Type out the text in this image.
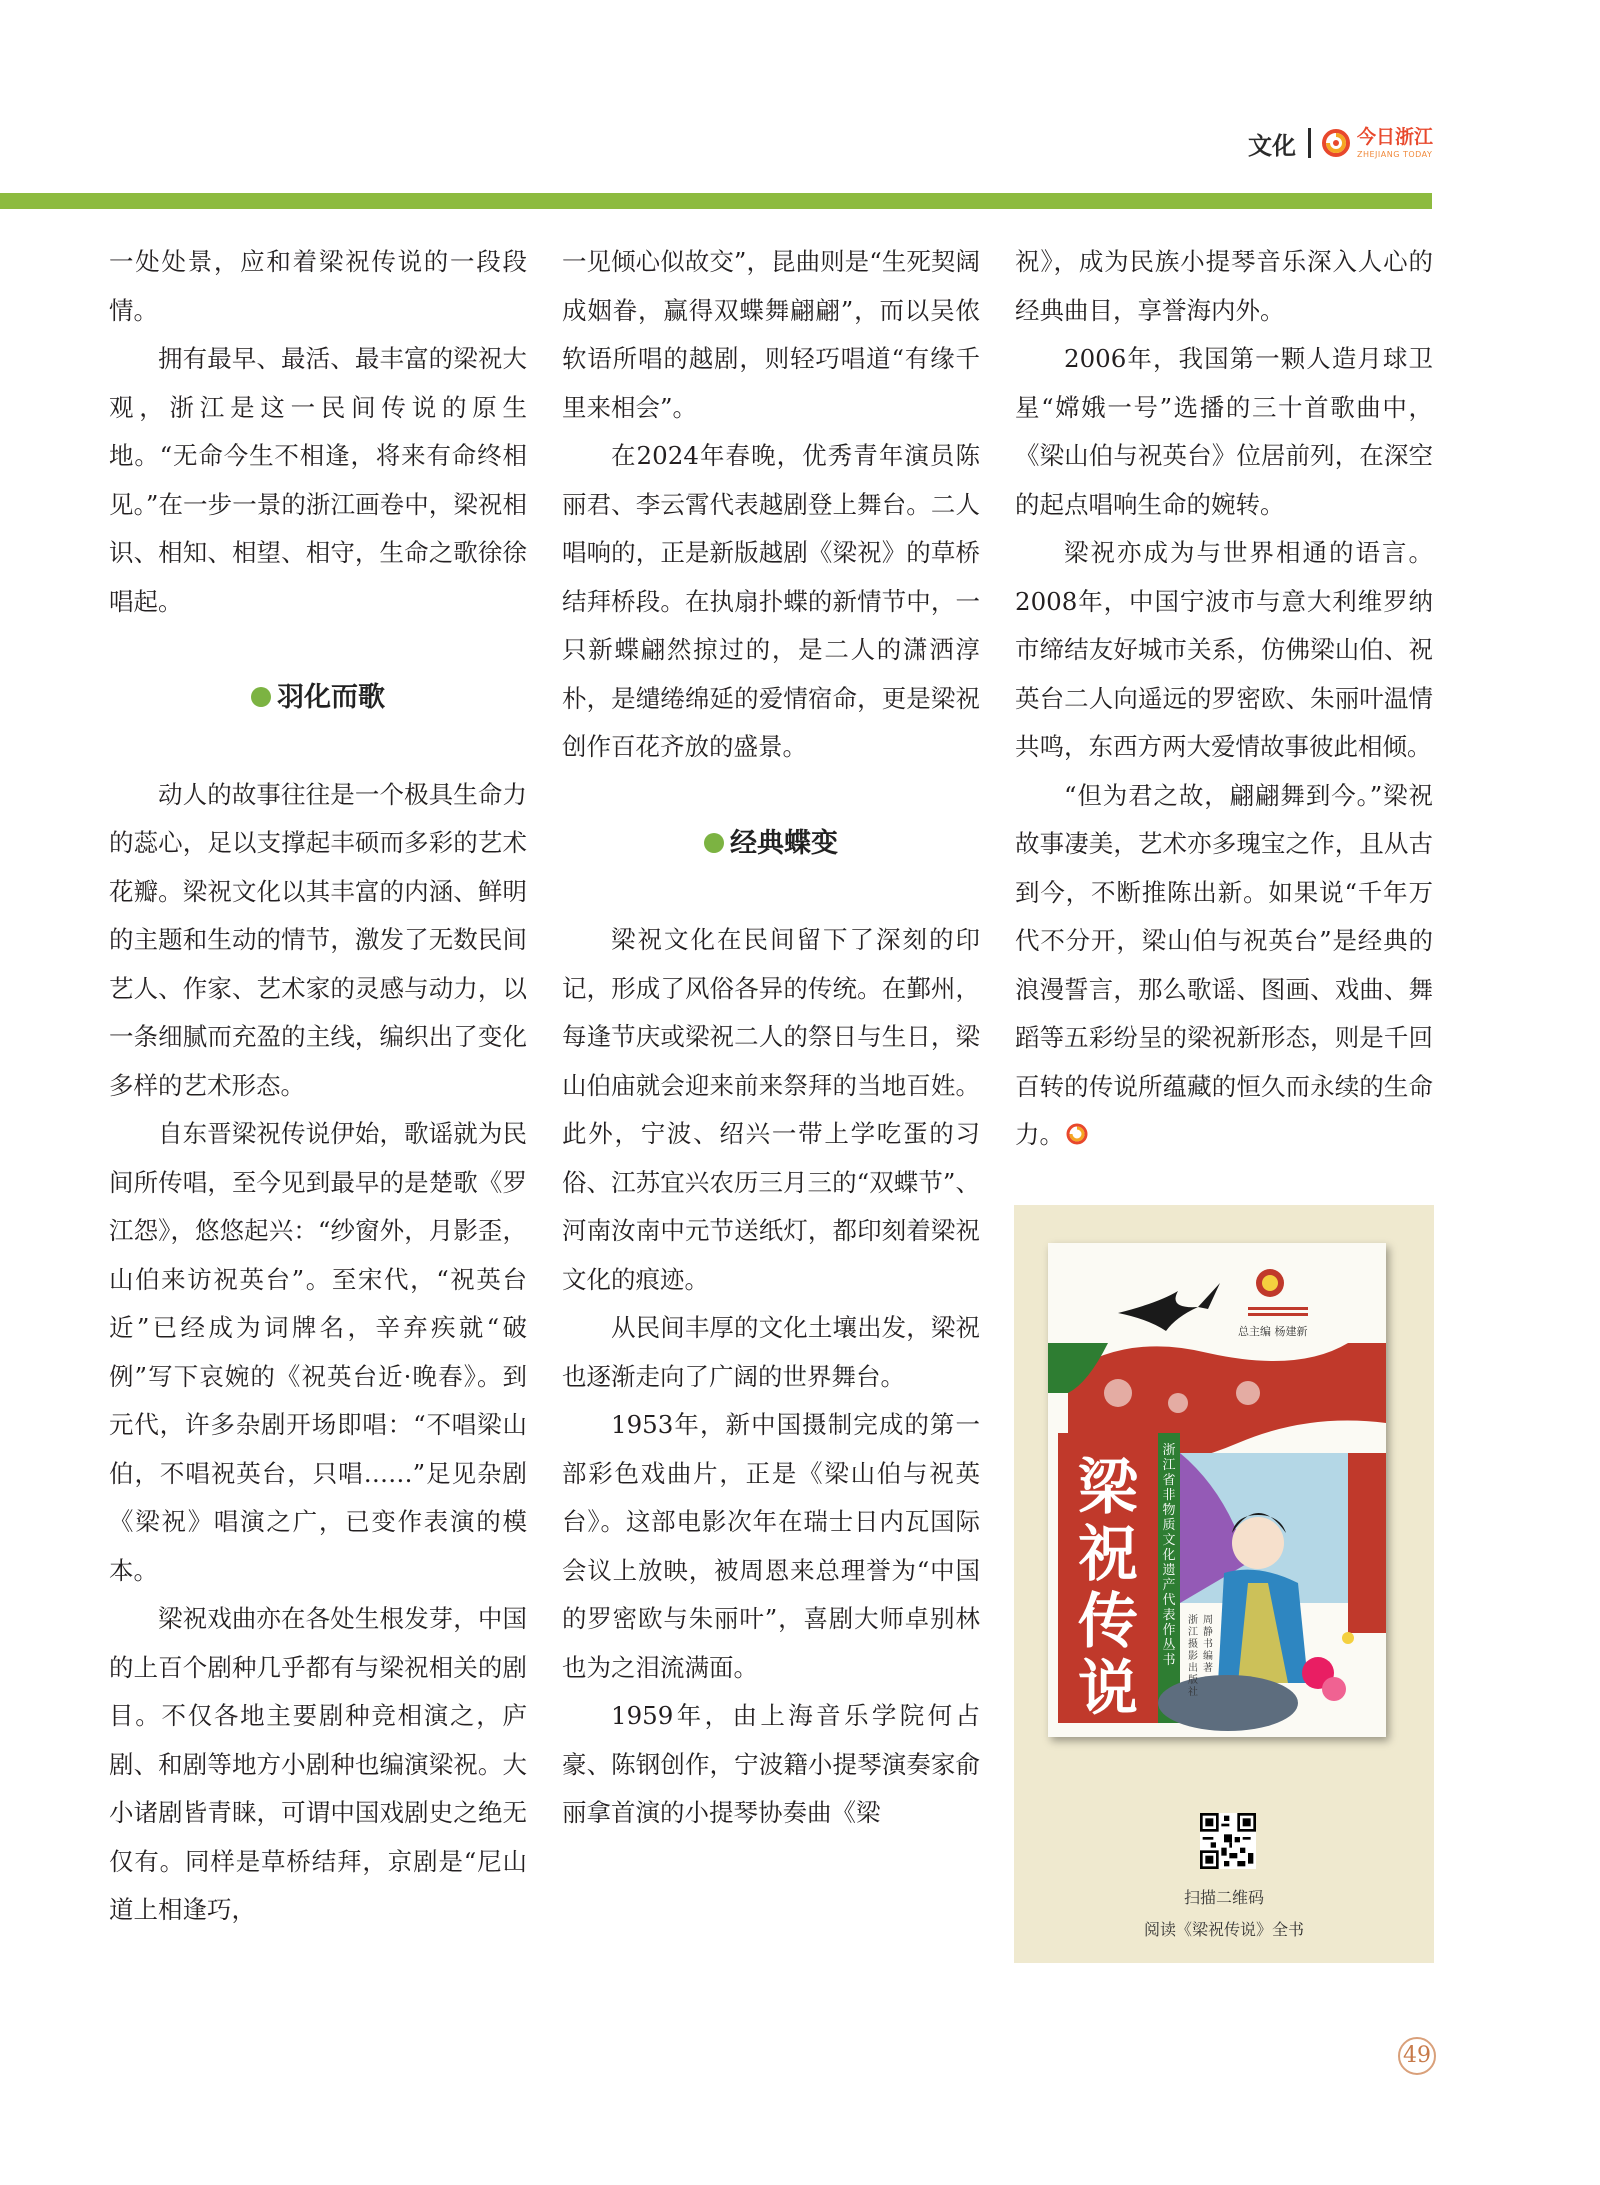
文化	今日浙江
ZHEJIANG TODAY

一处处景，应和着梁祝传说的一段段情。

拥有最早、最活、最丰富的梁祝大观，浙江是这一民间传说的原生地。“无命今生不相逢，将来有命终相见。”在一步一景的浙江画卷中，梁祝相识、相知、相望、相守，生命之歌徐徐唱起。

羽化而歌

动人的故事往往是一个极具生命力的蕊心，足以支撑起丰硕而多彩的艺术花瓣。梁祝文化以其丰富的内涵、鲜明的主题和生动的情节，激发了无数民间艺人、作家、艺术家的灵感与动力，以一条细腻而充盈的主线，编织出了变化多样的艺术形态。

自东晋梁祝传说伊始，歌谣就为民间所传唱，至今见到最早的是楚歌《罗江怨》，悠悠起兴：“纱窗外，月影歪，山伯来访祝英台”。至宋代，“祝英台近”已经成为词牌名，辛弃疾就“破例”写下哀婉的《祝英台近·晚春》。到元代，许多杂剧开场即唱：“不唱梁山伯，不唱祝英台，只唱……”足见杂剧《梁祝》唱演之广，已变作表演的模本。

梁祝戏曲亦在各处生根发芽，中国的上百个剧种几乎都有与梁祝相关的剧目。不仅各地主要剧种竞相演之，庐剧、和剧等地方小剧种也编演梁祝。大小诸剧皆青睐，可谓中国戏剧史之绝无仅有。同样是草桥结拜，京剧是“尼山道上相逢巧，

一见倾心似故交”，昆曲则是“生死契阔成姻眷，赢得双蝶舞翩翩”，而以吴侬软语所唱的越剧，则轻巧唱道“有缘千里来相会”。

在2024年春晚，优秀青年演员陈丽君、李云霄代表越剧登上舞台。二人唱响的，正是新版越剧《梁祝》的草桥结拜桥段。在执扇扑蝶的新情节中，一只新蝶翩然掠过的，是二人的潇洒淳朴，是缱绻绵延的爱情宿命，更是梁祝创作百花齐放的盛景。

经典蝶变

梁祝文化在民间留下了深刻的印记，形成了风俗各异的传统。在鄞州，每逢节庆或梁祝二人的祭日与生日，梁山伯庙就会迎来前来祭拜的当地百姓。此外，宁波、绍兴一带上学吃蛋的习俗、江苏宜兴农历三月三的“双蝶节”、河南汝南中元节送纸灯，都印刻着梁祝文化的痕迹。

从民间丰厚的文化土壤出发，梁祝也逐渐走向了广阔的世界舞台。

1953年，新中国摄制完成的第一部彩色戏曲片，正是《梁山伯与祝英台》。这部电影次年在瑞士日内瓦国际会议上放映，被周恩来总理誉为“中国的罗密欧与朱丽叶”，喜剧大师卓别林也为之泪流满面。

1959年，由上海音乐学院何占豪、陈钢创作，宁波籍小提琴演奏家俞丽拿首演的小提琴协奏曲《梁

祝》，成为民族小提琴音乐深入人心的经典曲目，享誉海内外。

2006年，我国第一颗人造月球卫星“嫦娥一号”选播的三十首歌曲中，《梁山伯与祝英台》位居前列，在深空的起点唱响生命的婉转。

梁祝亦成为与世界相通的语言。2008年，中国宁波市与意大利维罗纳市缔结友好城市关系，仿佛梁山伯、祝英台二人向遥远的罗密欧、朱丽叶温情共鸣，东西方两大爱情故事彼此相倾。

“但为君之故，翩翩舞到今。”梁祝故事凄美，艺术亦多瑰宝之作，且从古到今，不断推陈出新。如果说“千年万代不分开，梁山伯与祝英台”是经典的浪漫誓言，那么歌谣、图画、戏曲、舞蹈等五彩纷呈的梁祝新形态，则是千回百转的传说所蕴藏的恒久而永续的生命力。

梁
祝
传
说
浙江省非物质文化遗产代表作丛书
总主编 杨建新
周静书 编著
浙江摄影出版社
扫描二维码
阅读《梁祝传说》全书
49
